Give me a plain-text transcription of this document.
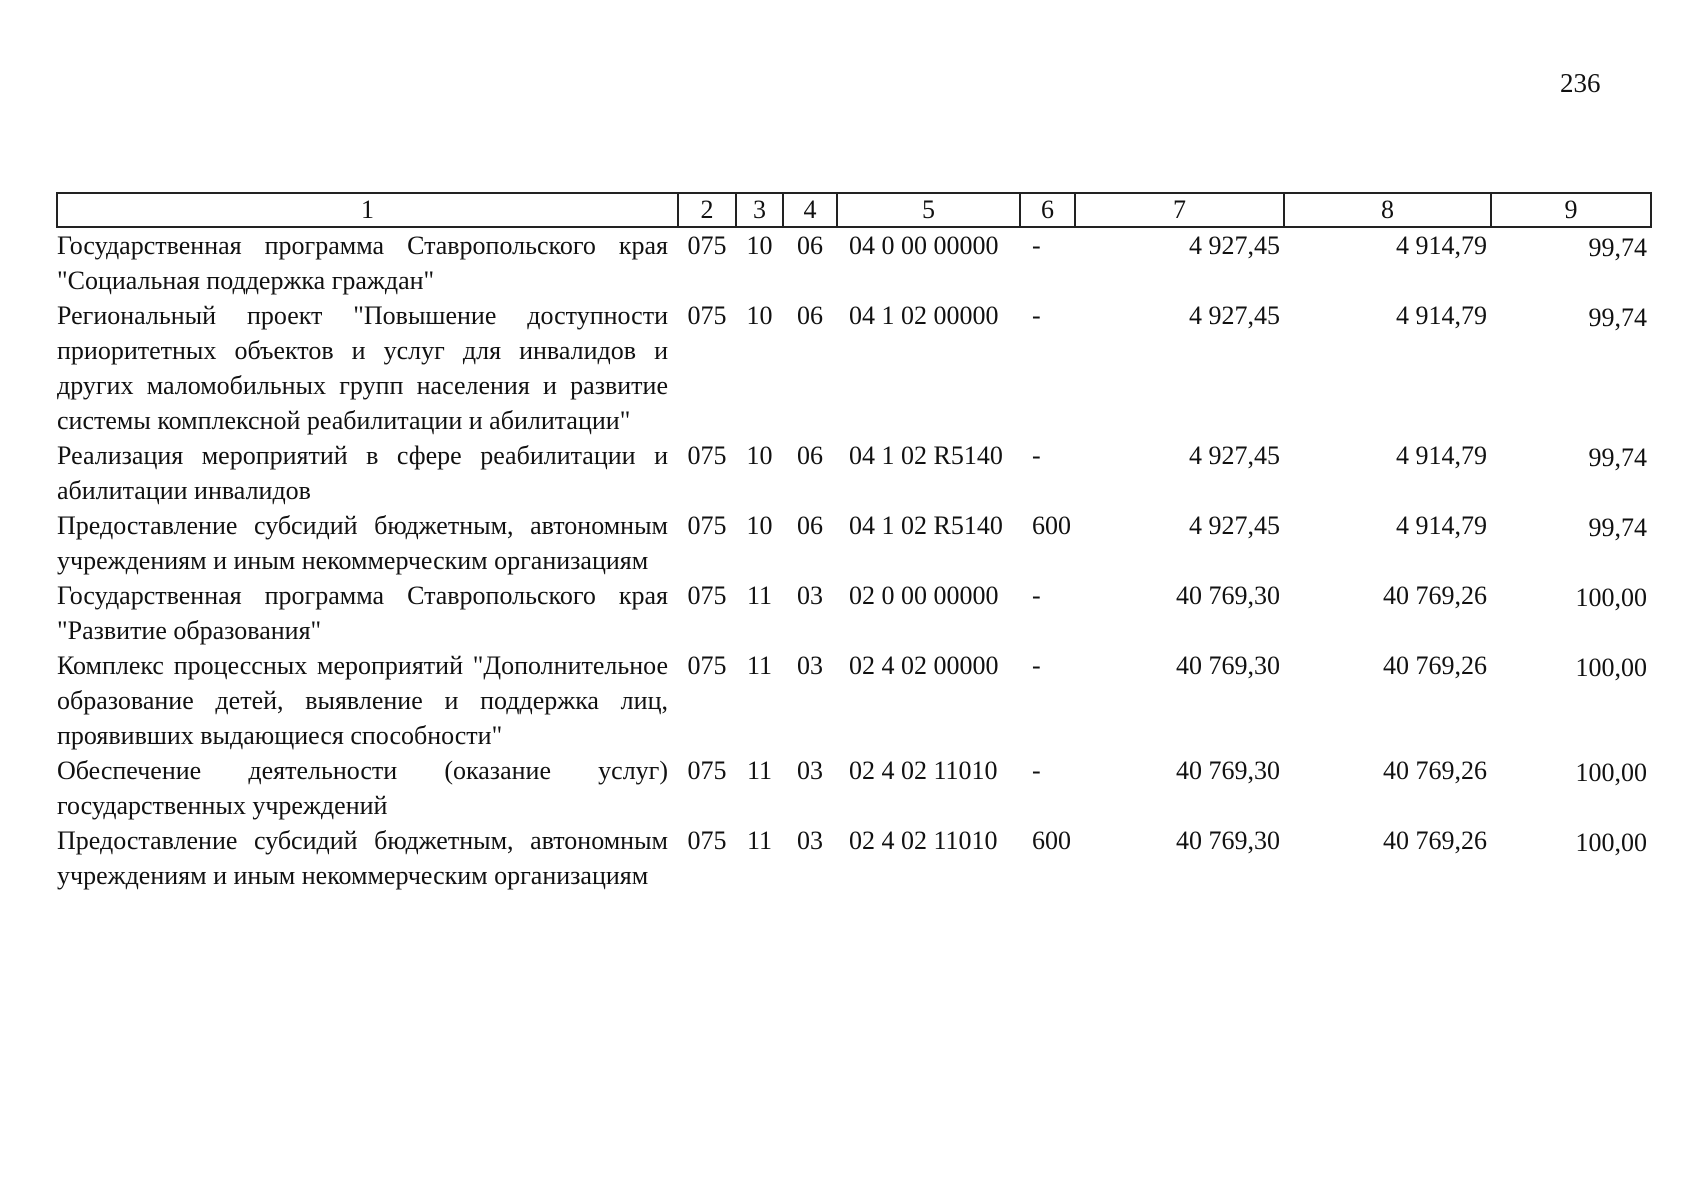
236
1	2	3	4	5	6	7	8	9
Государственная программа Ставропольского края "Социальная поддержка граждан"	075	10	06	04 0 00 00000	-	4 927,45	4 914,79	99,74
Региональный проект "Повышение доступности приоритетных объектов и услуг для инвалидов и других маломобильных групп населения и развитие системы комплексной реабилитации и абилитации"	075	10	06	04 1 02 00000	-	4 927,45	4 914,79	99,74
Реализация мероприятий в сфере реабилитации и абилитации инвалидов	075	10	06	04 1 02 R5140	-	4 927,45	4 914,79	99,74
Предоставление субсидий бюджетным, автономным учреждениям и иным некоммерческим организациям	075	10	06	04 1 02 R5140	600	4 927,45	4 914,79	99,74
Государственная программа Ставропольского края "Развитие образования"	075	11	03	02 0 00 00000	-	40 769,30	40 769,26	100,00
Комплекс процессных мероприятий "Дополнительное образование детей, выявление и поддержка лиц, проявивших выдающиеся способности"	075	11	03	02 4 02 00000	-	40 769,30	40 769,26	100,00
Обеспечение деятельности (оказание услуг) государственных учреждений	075	11	03	02 4 02 11010	-	40 769,30	40 769,26	100,00
Предоставление субсидий бюджетным, автономным учреждениям и иным некоммерческим организациям	075	11	03	02 4 02 11010	600	40 769,30	40 769,26	100,00
